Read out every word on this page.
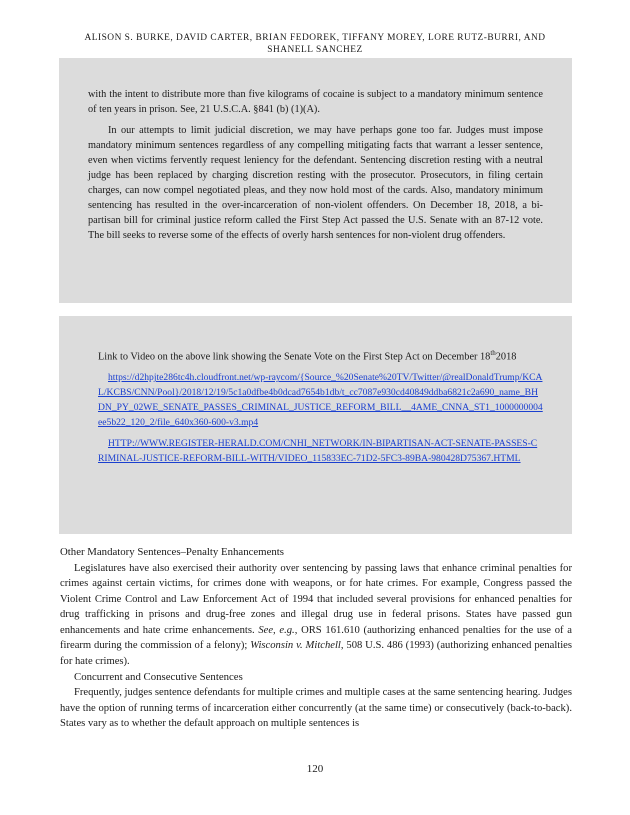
ALISON S. BURKE, DAVID CARTER, BRIAN FEDOREK, TIFFANY MOREY, LORE RUTZ-BURRI, AND SHANELL SANCHEZ

with the intent to distribute more than five kilograms of cocaine is subject to a mandatory minimum sentence of ten years in prison. See, 21 U.S.C.A. §841 (b) (1)(A).

In our attempts to limit judicial discretion, we may have perhaps gone too far. Judges must impose mandatory minimum sentences regardless of any compelling mitigating facts that warrant a lesser sentence, even when victims fervently request leniency for the defendant. Sentencing discretion resting with a neutral judge has been replaced by charging discretion resting with the prosecutor. Prosecutors, in filing certain charges, can now compel negotiated pleas, and they now hold most of the cards. Also, mandatory minimum sentencing has resulted in the over-incarceration of non-violent offenders. On December 18, 2018, a bi-partisan bill for criminal justice reform called the First Step Act passed the U.S. Senate with an 87-12 vote. The bill seeks to reverse some of the effects of overly harsh sentences for non-violent drug offenders.

Link to Video on the above link showing the Senate Vote on the First Step Act on December 18th2018

https://d2hpjte286tc4h.cloudfront.net/wp-raycom/{Source_%20Senate%20TV/Twitter/@realDonaldTrump/KCAL/KCBS/CNN/Pool}/2018/12/19/5c1a0dfbe4b0dcad7654b1db/t_cc7087e930cd40849ddba6821c2a690_name_BHDN_PY_02WE_SENATE_PASSES_CRIMINAL_JUSTICE_REFORM_BILL__4AME_CNNA_ST1_1000000004ee5b22_120_2/file_640x360-600-v3.mp4
HTTP://WWW.REGISTER-HERALD.COM/CNHI_NETWORK/IN-BIPARTISAN-ACT-SENATE-PASSES-CRIMINAL-JUSTICE-REFORM-BILL-WITH/VIDEO_115833EC-71D2-5FC3-89BA-980428D75367.HTML
Other Mandatory Sentences–Penalty Enhancements

Legislatures have also exercised their authority over sentencing by passing laws that enhance criminal penalties for crimes against certain victims, for crimes done with weapons, or for hate crimes. For example, Congress passed the Violent Crime Control and Law Enforcement Act of 1994 that included several provisions for enhanced penalties for drug trafficking in prisons and drug-free zones and illegal drug use in federal prisons. States have passed gun enhancements and hate crime enhancements. See, e.g., ORS 161.610 (authorizing enhanced penalties for the use of a firearm during the commission of a felony); Wisconsin v. Mitchell, 508 U.S. 486 (1993) (authorizing enhanced penalties for hate crimes).

Concurrent and Consecutive Sentences

Frequently, judges sentence defendants for multiple crimes and multiple cases at the same sentencing hearing. Judges have the option of running terms of incarceration either concurrently (at the same time) or consecutively (back-to-back). States vary as to whether the default approach on multiple sentences is

120
